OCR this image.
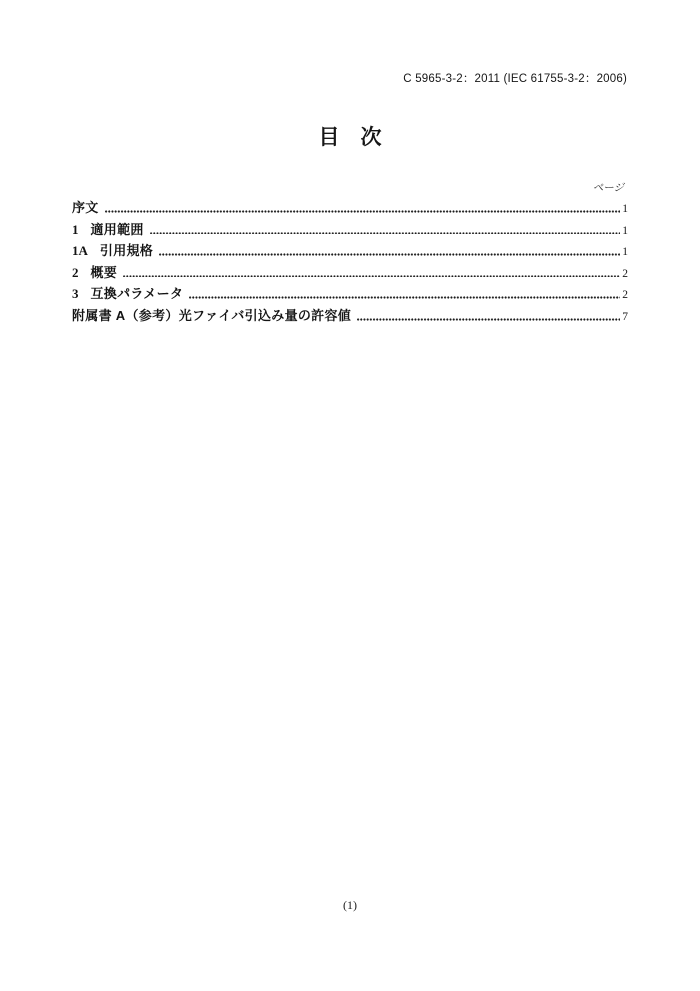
C 5965-3-2：2011 (IEC 61755-3-2：2006)
目　次
ページ
序文	1
1 適用範囲	1
1A 引用規格	1
2 概要	2
3 互換パラメータ	2
附属書 A（参考）光ファイバ引込み量の許容値	7
(1)
